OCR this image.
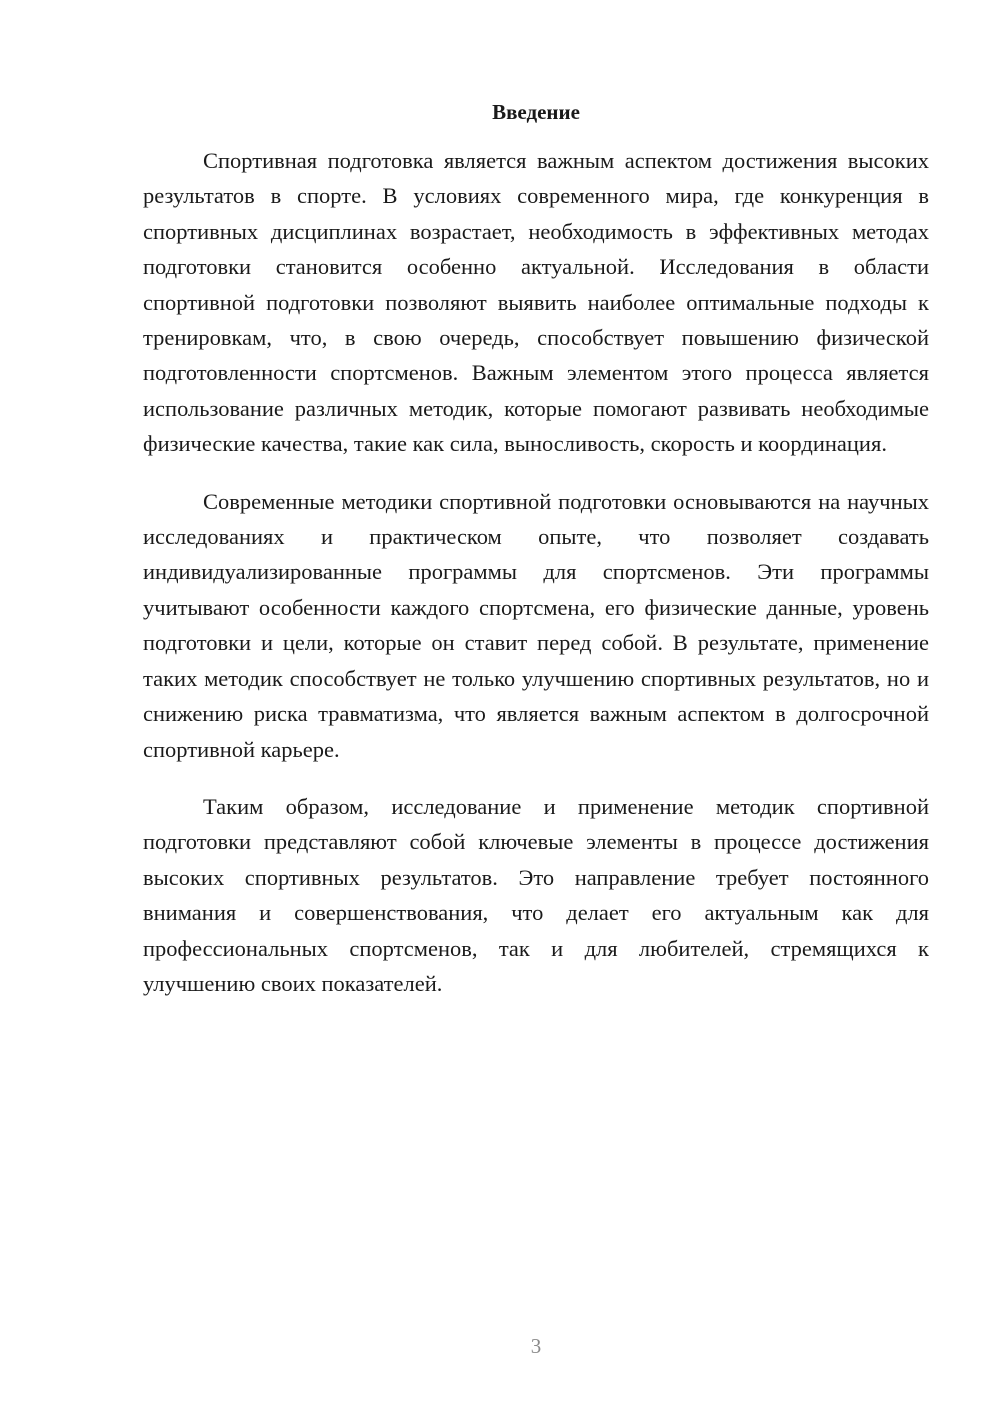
Введение

Спортивная подготовка является важным аспектом достижения высоких результатов в спорте. В условиях современного мира, где конкуренция в спортивных дисциплинах возрастает, необходимость в эффективных методах подготовки становится особенно актуальной. Исследования в области спортивной подготовки позволяют выявить наиболее оптимальные подходы к тренировкам, что, в свою очередь, способствует повышению физической подготовленности спортсменов. Важным элементом этого процесса является использование различных методик, которые помогают развивать необходимые физические качества, такие как сила, выносливость, скорость и координация.

Современные методики спортивной подготовки основываются на научных исследованиях и практическом опыте, что позволяет создавать индивидуализированные программы для спортсменов. Эти программы учитывают особенности каждого спортсмена, его физические данные, уровень подготовки и цели, которые он ставит перед собой. В результате, применение таких методик способствует не только улучшению спортивных результатов, но и снижению риска травматизма, что является важным аспектом в долгосрочной спортивной карьере.

Таким образом, исследование и применение методик спортивной подготовки представляют собой ключевые элементы в процессе достижения высоких спортивных результатов. Это направление требует постоянного внимания и совершенствования, что делает его актуальным как для профессиональных спортсменов, так и для любителей, стремящихся к улучшению своих показателей.

3
